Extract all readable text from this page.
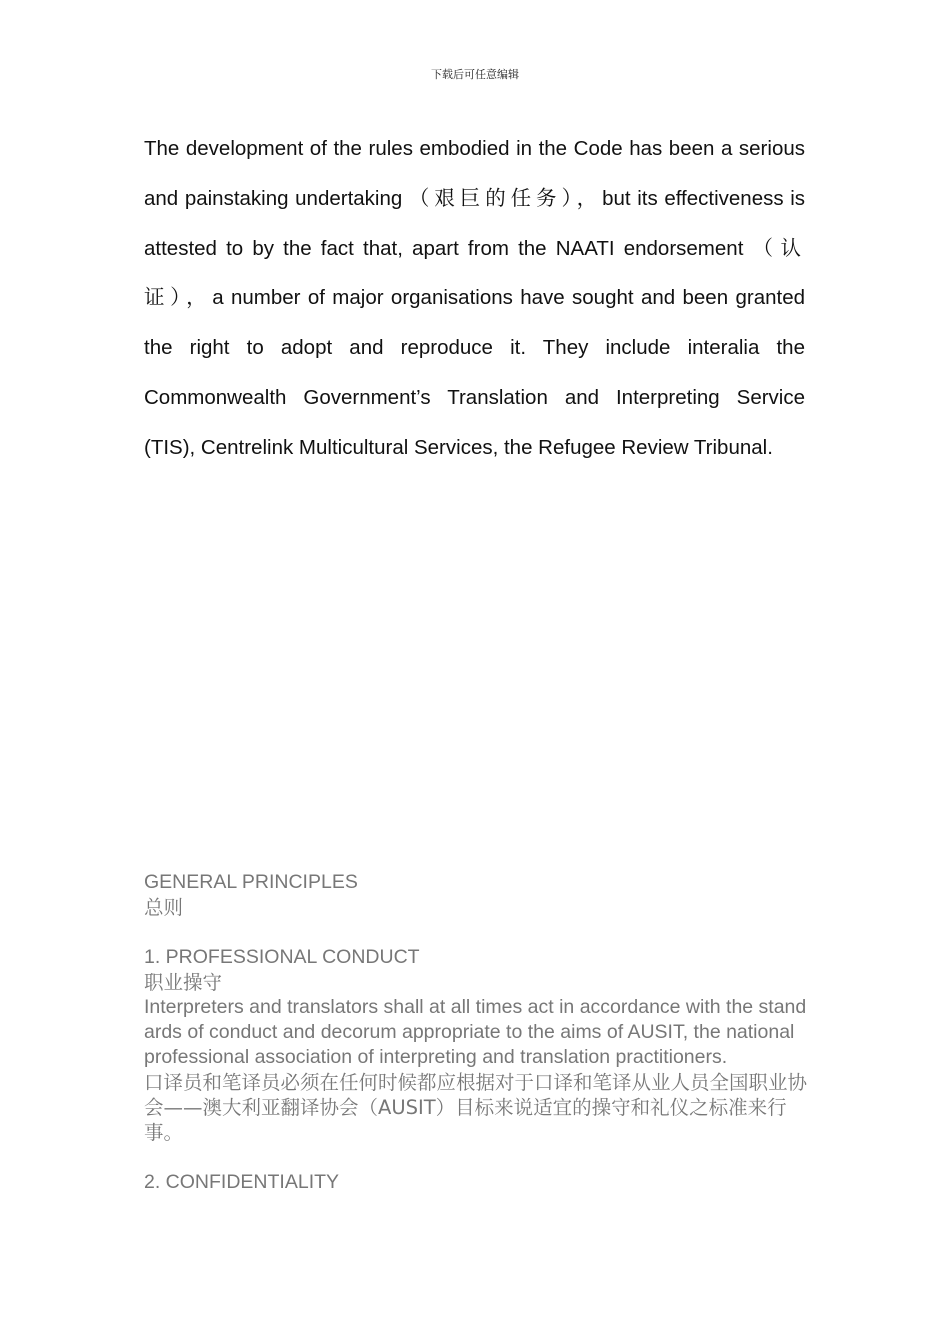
下载后可任意编辑

The development of the rules embodied in the Code has been a serious and painstaking undertaking （艰巨的任务），but its effectiveness is attested to by the fact that, apart from the NAATI endorsement （认证），a number of major organisations have sought and been granted the right to adopt and reproduce it. They include interalia the Commonwealth Government’s Translation and Interpreting Service (TIS), Centrelink Multicultural Services, the Refugee Review Tribunal.

GENERAL PRINCIPLES
总则
1. PROFESSIONAL CONDUCT
职业操守
Interpreters and translators shall at all times act in accordance with the standards of conduct and decorum appropriate to the aims of AUSIT, the national professional association of interpreting and translation practitioners.
口译员和笔译员必须在任何时候都应根据对于口译和笔译从业人员全国职业协会——澳大利亚翻译协会（AUSIT）目标来说适宜的操守和礼仪之标准来行事。
2. CONFIDENTIALITY
